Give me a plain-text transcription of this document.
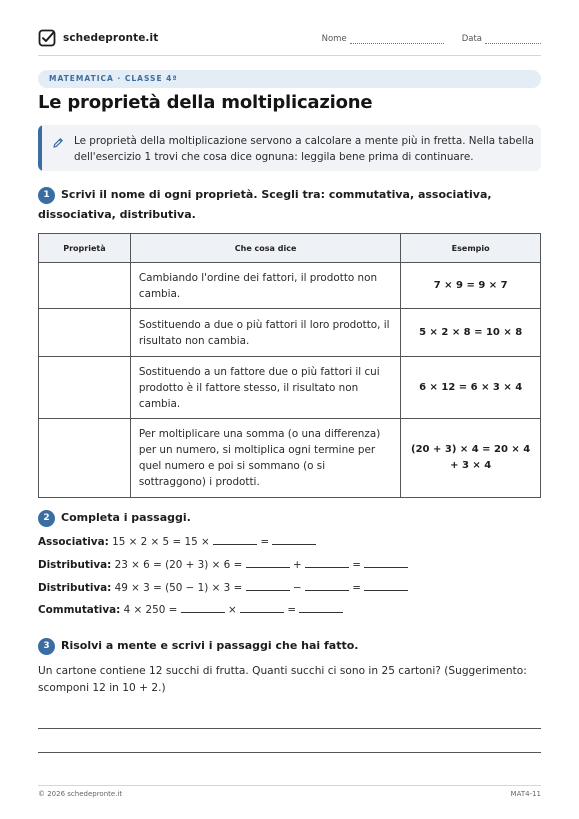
schedepronte.it	Nome	Data
MATEMATICA · CLASSE 4ª
Le proprietà della moltiplicazione

Le proprietà della moltiplicazione servono a calcolare a mente più in fretta. Nella tabella dell'esercizio 1 trovi che cosa dice ognuna: leggila bene prima di continuare.

1 Scrivi il nome di ogni proprietà. Scegli tra: commutativa, associativa, dissociativa, distributiva.
Proprietà	Che cosa dice	Esempio
	Cambiando l'ordine dei fattori, il prodotto non cambia.	7 × 9 = 9 × 7
	Sostituendo a due o più fattori il loro prodotto, il risultato non cambia.	5 × 2 × 8 = 10 × 8
	Sostituendo a un fattore due o più fattori il cui prodotto è il fattore stesso, il risultato non cambia.	6 × 12 = 6 × 3 × 4
	Per moltiplicare una somma (o una differenza) per un numero, si moltiplica ogni termine per quel numero e poi si sommano (o si sottraggono) i prodotti.	(20 + 3) × 4 = 20 × 4 + 3 × 4
2 Completa i passaggi.
Associativa: 15 × 2 × 5 = 15 ×	=
Distributiva: 23 × 6 = (20 + 3) × 6 =	+	=
Distributiva: 49 × 3 = (50 − 1) × 3 =	−	=
Commutativa: 4 × 250 =	×	=
3 Risolvi a mente e scrivi i passaggi che hai fatto.
Un cartone contiene 12 succhi di frutta. Quanti succhi ci sono in 25 cartoni? (Suggerimento: scomponi 12 in 10 + 2.)
© 2026 schedepronte.it	MAT4-11
